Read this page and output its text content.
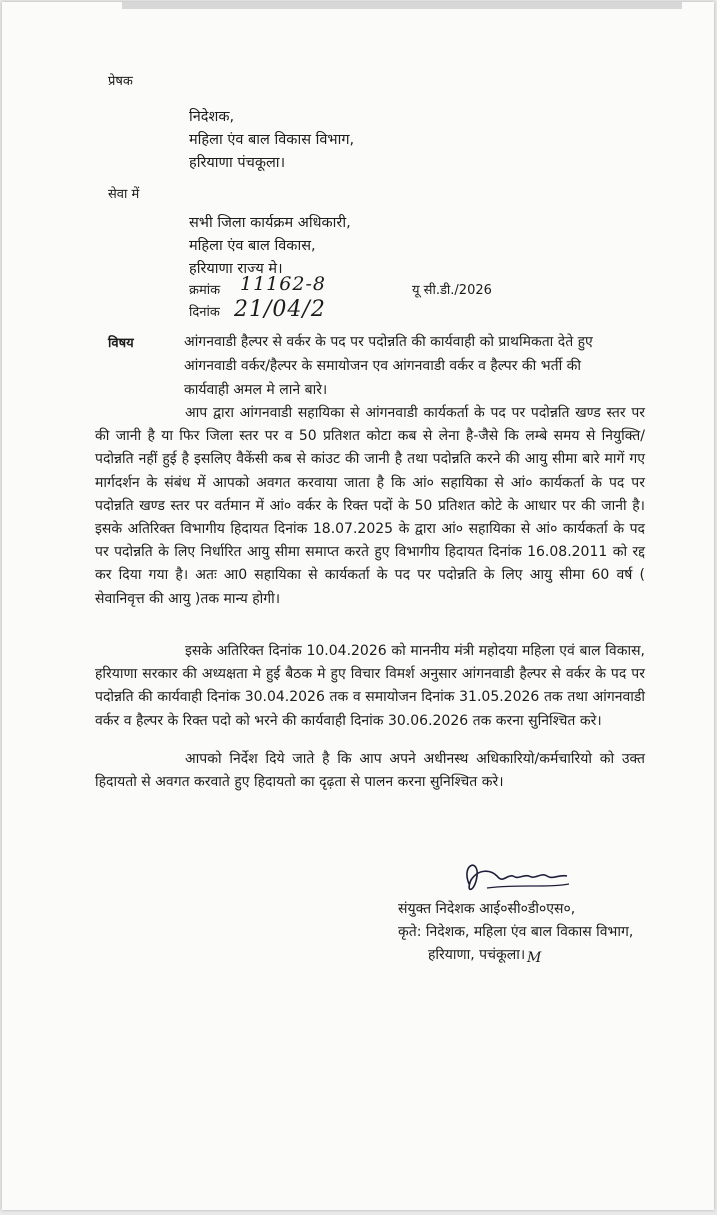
प्रेषक
निदेशक,
महिला एंव बाल विकास विभाग,
हरियाणा पंचकूला।
सेवा में
सभी जिला कार्यक्रम अधिकारी,
महिला एंव बाल विकास,
हरियाणा राज्य मे।
क्रमांक 11162-8	यू सी.डी./2026
दिनांक 21/04/2
विषय	आंगनवाडी हैल्पर से वर्कर के पद पर पदोन्नति की कार्यवाही को प्राथमिकता देते हुए
आंगनवाडी वर्कर/हैल्पर के समायोजन एव आंगनवाडी वर्कर व हैल्पर की भर्ती की
कार्यवाही अमल मे लाने बारे।
आप द्वारा आंगनवाडी सहायिका से आंगनवाडी कार्यकर्ता के पद पर पदोन्नति खण्ड स्तर पर की जानी है या फिर जिला स्तर पर व 50 प्रतिशत कोटा कब से लेना है-जैसे कि लम्बे समय से नियुक्ति/पदोन्नति नहीं हुई है इसलिए वैकेंसी कब से कांउट की जानी है तथा पदोन्नति करने की आयु सीमा बारे मागें गए मार्गदर्शन के संबंध में आपको अवगत करवाया जाता है कि आं० सहायिका से आं० कार्यकर्ता के पद पर पदोन्नति खण्ड स्तर पर वर्तमान में आं० वर्कर के रिक्त पदों के 50 प्रतिशत कोटे के आधार पर की जानी है। इसके अतिरिक्त विभागीय हिदायत दिनांक 18.07.2025 के द्वारा आं० सहायिका से आं० कार्यकर्ता के पद पर पदोन्नति के लिए निर्धारित आयु सीमा समाप्त करते हुए विभागीय हिदायत दिनांक 16.08.2011 को रद्द कर दिया गया है। अतः आ0 सहायिका से कार्यकर्ता के पद पर पदोन्नति के लिए आयु सीमा 60 वर्ष ( सेवानिवृत्त की आयु )तक मान्य होगी।
इसके अतिरिक्त दिनांक 10.04.2026 को माननीय मंत्री महोदया महिला एवं बाल विकास, हरियाणा सरकार की अध्यक्षता मे हुई बैठक मे हुए विचार विमर्श अनुसार आंगनवाडी हैल्पर से वर्कर के पद पर पदोन्नति की कार्यवाही दिनांक 30.04.2026 तक व समायोजन दिनांक 31.05.2026 तक तथा आंगनवाडी वर्कर व हैल्पर के रिक्त पदो को भरने की कार्यवाही दिनांक 30.06.2026 तक करना सुनिश्चित करे।
आपको निर्देश दिये जाते है कि आप अपने अधीनस्थ अधिकारियो/कर्मचारियो को उक्त हिदायतो से अवगत करवाते हुए हिदायतो का दृढ़ता से पालन करना सुनिश्चित करे।
संयुक्त निदेशक आई०सी०डी०एस०,
कृते: निदेशक, महिला एंव बाल विकास विभाग,
हरियाणा, पचंकूला। M
